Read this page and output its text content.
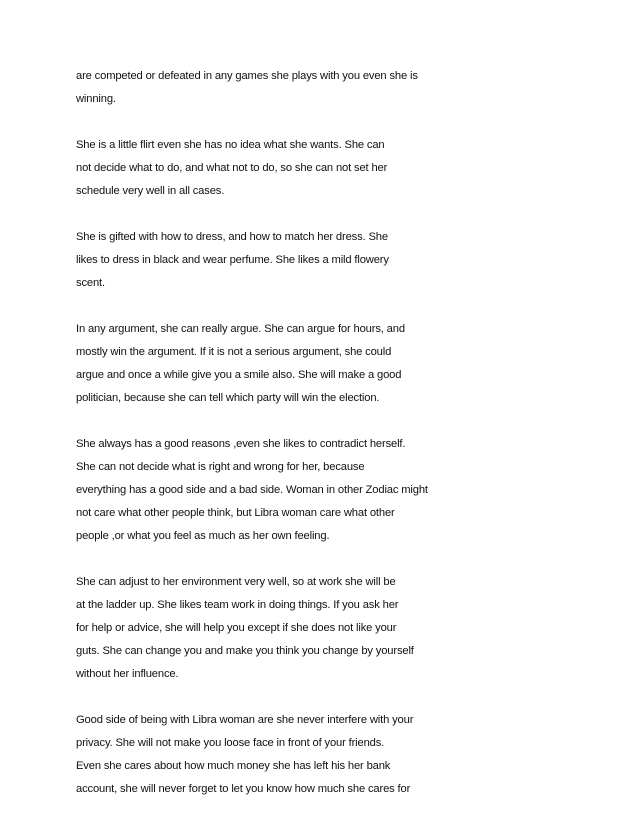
are competed or defeated in any games she plays with you even she is
winning.
She is a little flirt even she has no idea what she wants. She can
not decide what to do, and what not to do, so she can not set her
schedule very well in all cases.
She is gifted with how to dress, and how to match her dress. She
likes to dress in black and wear perfume. She likes a mild flowery
scent.
In any argument, she can really argue. She can argue for hours, and
mostly win the argument. If it is not a serious argument, she could
argue and once a while give you a smile also. She will make a good
politician, because she can tell which party will win the election.
She always has a good reasons ,even she likes to contradict herself.
She can not decide what is right and wrong for her, because
everything has a good side and a bad side. Woman in other Zodiac might
not care what other people think, but Libra woman care what other
people ,or what you feel as much as her own feeling.
She can adjust to her environment very well, so at work she will be
at the ladder up. She likes team work in doing things. If you ask her
for help or advice, she will help you except if she does not like your
guts. She can change you and make you think you change by yourself
without her influence.
Good side of being with Libra woman are she never interfere with your
privacy. She will not make you loose face in front of your friends.
Even she cares about how much money she has left his her bank
account, she will never forget to let you know how much she cares for
